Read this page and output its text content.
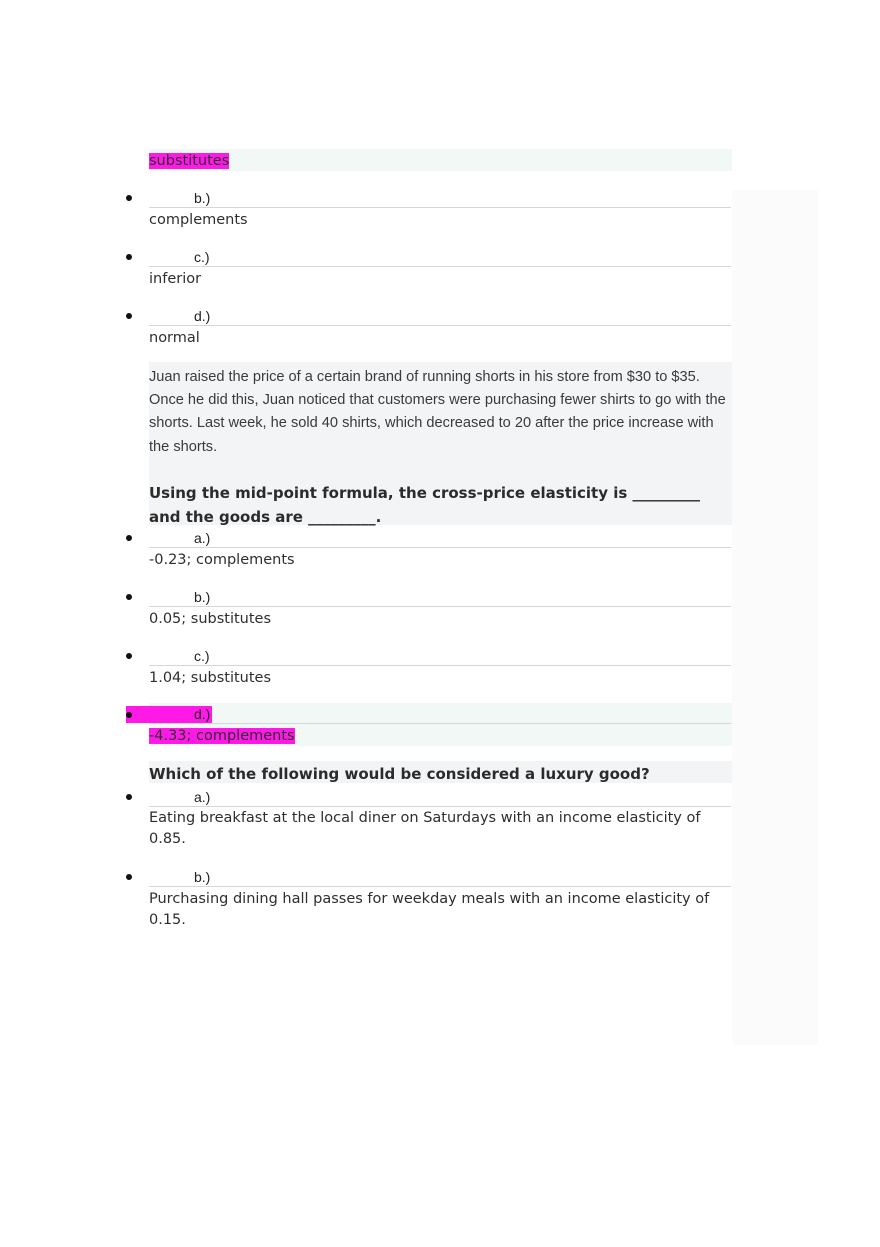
substitutes
b.)
complements
c.)
inferior
d.)
normal
Juan raised the price of a certain brand of running shorts in his store from $30 to $35. Once he did this, Juan noticed that customers were purchasing fewer shirts to go with the shorts. Last week, he sold 40 shirts, which decreased to 20 after the price increase with the shorts.
Using the mid-point formula, the cross-price elasticity is _________ and the goods are _________.
a.)
-0.23; complements
b.)
0.05; substitutes
c.)
1.04; substitutes
d.)
-4.33; complements
Which of the following would be considered a luxury good?
a.)
Eating breakfast at the local diner on Saturdays with an income elasticity of 0.85.
b.)
Purchasing dining hall passes for weekday meals with an income elasticity of 0.15.
